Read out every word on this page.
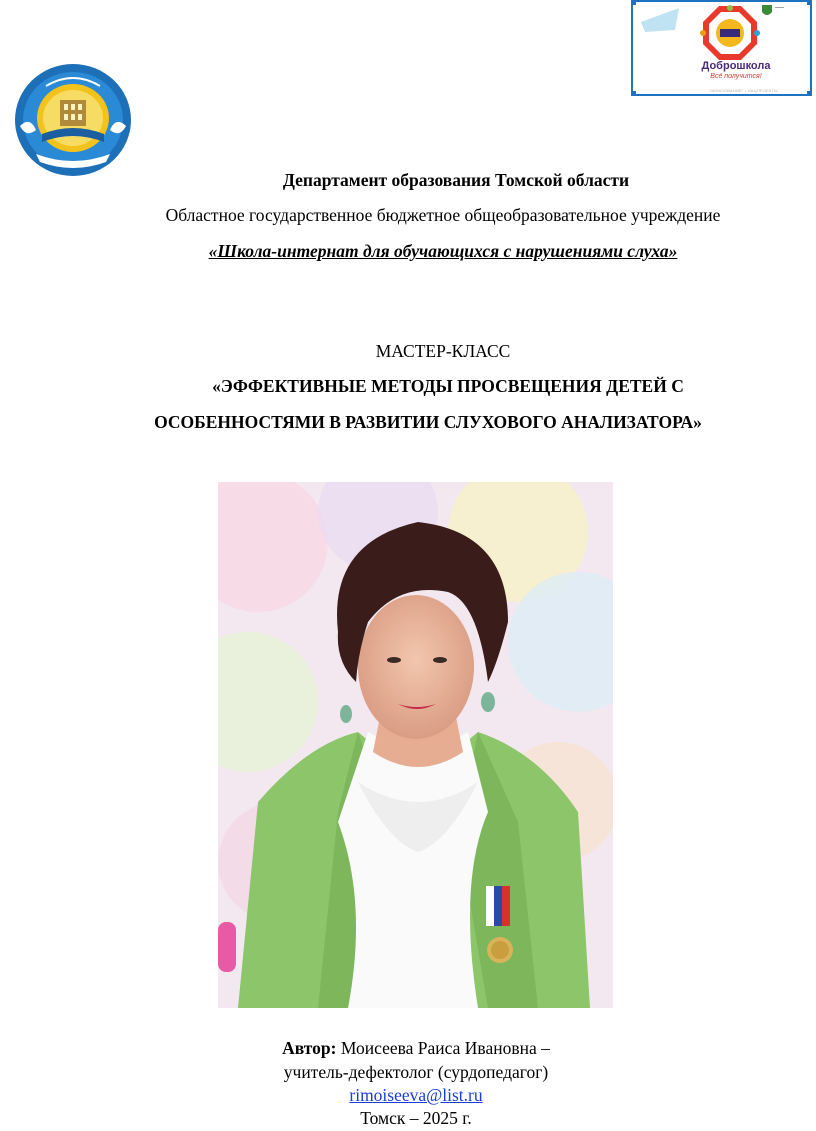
▬▬▬
Доброшкола
Всё получится!
"ОБРАЗОВАНИЕ" • НАЦПРОЕКТЫ
Департамент образования Томской области
Областное государственное бюджетное общеобразовательное учреждение
«Школа-интернат для обучающихся с нарушениями слуха»
МАСТЕР-КЛАСС
«ЭФФЕКТИВНЫЕ МЕТОДЫ ПРОСВЕЩЕНИЯ ДЕТЕЙ С
ОСОБЕННОСТЯМИ В РАЗВИТИИ СЛУХОВОГО АНАЛИЗАТОРА»
Автор: Моисеева Раиса Ивановна –
учитель-дефектолог (сурдопедагог)
rimoiseeva@list.ru
Томск – 2025 г.
